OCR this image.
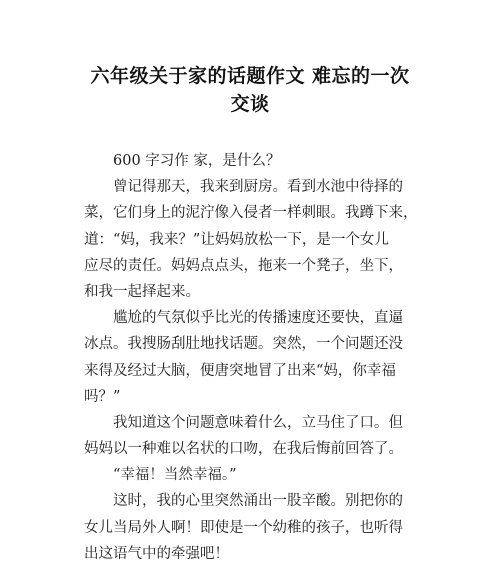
六年级关于家的话题作文 难忘的一次
交谈
600 字习作 家，是什么？
曾记得那天，我来到厨房。看到水池中待择的
菜，它们身上的泥泞像入侵者一样刺眼。我蹲下来，
道：“妈，我来？”让妈妈放松一下，是一个女儿
应尽的责任。妈妈点点头，拖来一个凳子，坐下，
和我一起择起来。
尴尬的气氛似乎比光的传播速度还要快，直逼
冰点。我搜肠刮肚地找话题。突然，一个问题还没
来得及经过大脑，便唐突地冒了出来“妈，你幸福
吗？”
我知道这个问题意味着什么，立马住了口。但
妈妈以一种难以名状的口吻，在我后悔前回答了。
“幸福！当然幸福。”
这时，我的心里突然涌出一股辛酸。别把你的
女儿当局外人啊！即使是一个幼稚的孩子，也听得
出这语气中的牵强吧！
